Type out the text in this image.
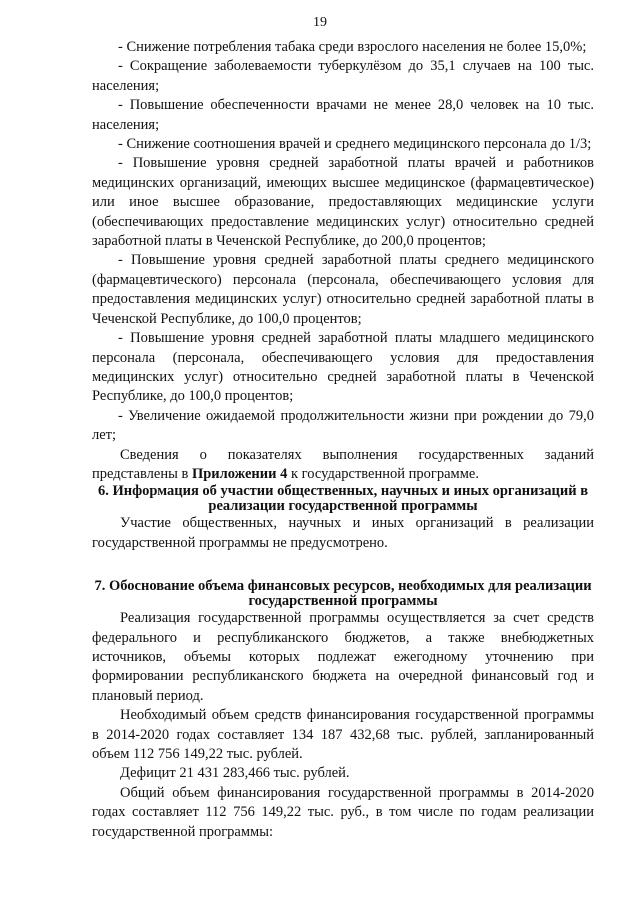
19

- Снижение потребления табака среди взрослого населения не более 15,0%;

- Сокращение заболеваемости туберкулёзом до 35,1 случаев на 100 тыс. населения;

- Повышение обеспеченности врачами не менее 28,0 человек на 10 тыс. населения;

- Снижение соотношения врачей и среднего медицинского персонала до 1/3;

- Повышение уровня средней заработной платы врачей и работников медицинских организаций, имеющих высшее медицинское (фармацевтическое) или иное высшее образование, предоставляющих медицинские услуги (обеспечивающих предоставление медицинских услуг) относительно средней заработной платы в Чеченской Республике, до 200,0 процентов;

- Повышение уровня средней заработной платы среднего медицинского (фармацевтического) персонала (персонала, обеспечивающего условия для предоставления медицинских услуг) относительно средней заработной платы в Чеченской Республике, до 100,0 процентов;

- Повышение уровня средней заработной платы младшего медицинского персонала (персонала, обеспечивающего условия для предоставления медицинских услуг) относительно средней заработной платы в Чеченской Республике, до 100,0 процентов;

- Увеличение ожидаемой продолжительности жизни при рождении до 79,0 лет;

Сведения о показателях выполнения государственных заданий представлены в Приложении 4 к государственной программе.

6. Информация об участии общественных, научных и иных организаций в реализации государственной программы

Участие общественных, научных и иных организаций в реализации государственной программы не предусмотрено.

7. Обоснование объема финансовых ресурсов, необходимых для реализации государственной программы

Реализация государственной программы осуществляется за счет средств федерального и республиканского бюджетов, а также внебюджетных источников, объемы которых подлежат ежегодному уточнению при формировании республиканского бюджета на очередной финансовый год и плановый период.

Необходимый объем средств финансирования государственной программы в 2014-2020 годах составляет 134 187 432,68 тыс. рублей, запланированный объем 112 756 149,22 тыс. рублей.

Дефицит 21 431 283,466 тыс. рублей.

Общий объем финансирования государственной программы в 2014-2020 годах составляет 112 756 149,22 тыс. руб., в том числе по годам реализации государственной программы:
